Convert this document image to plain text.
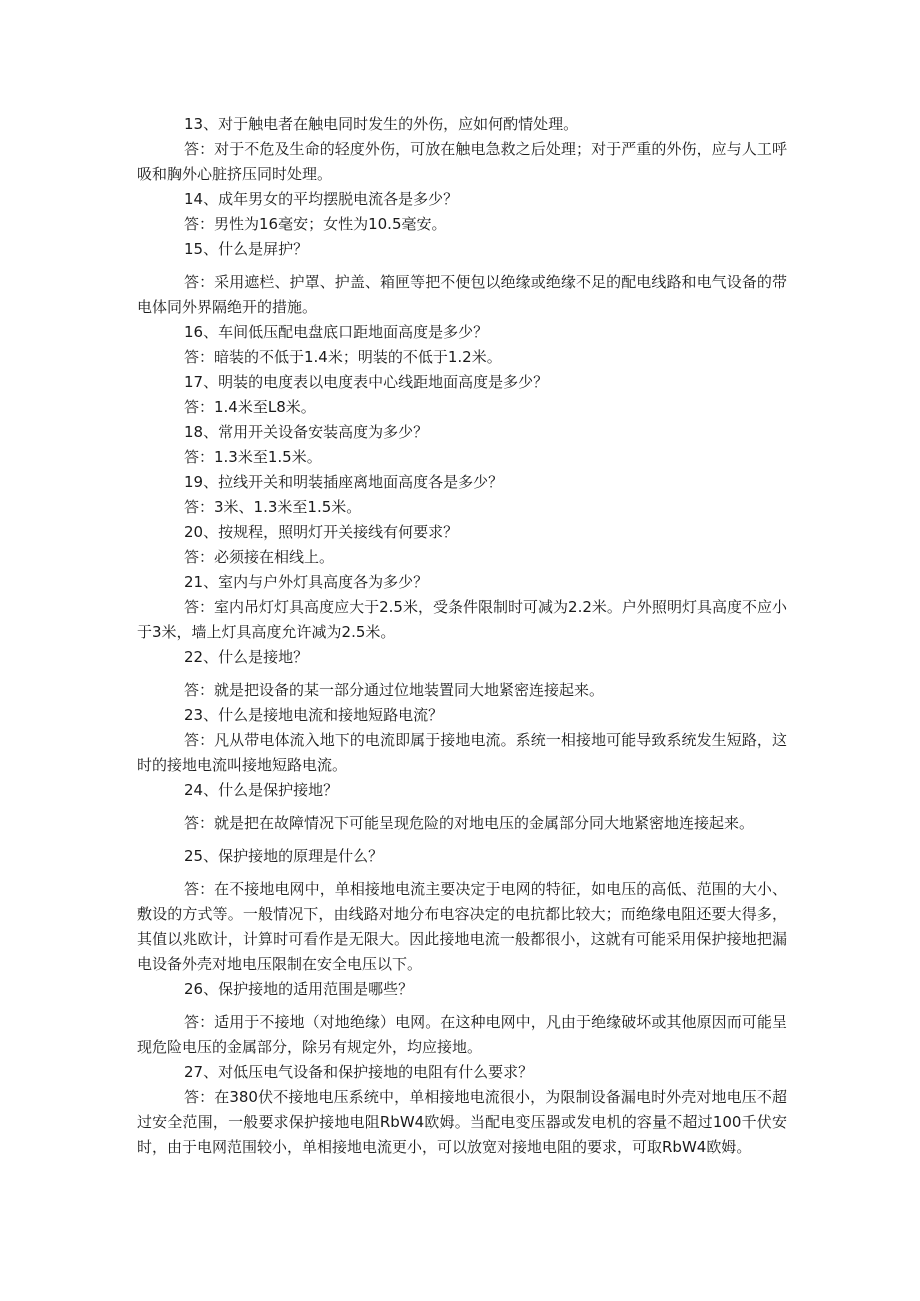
13、对于触电者在触电同时发生的外伤，应如何酌情处理。

答：对于不危及生命的轻度外伤，可放在触电急救之后处理；对于严重的外伤，应与人工呼吸和胸外心脏挤压同时处理。

14、成年男女的平均摆脱电流各是多少？

答：男性为16毫安；女性为10.5毫安。

15、什么是屏护？

答：采用遮栏、护罩、护盖、箱匣等把不便包以绝缘或绝缘不足的配电线路和电气设备的带电体同外界隔绝开的措施。

16、车间低压配电盘底口距地面高度是多少？

答：暗装的不低于1.4米；明装的不低于1.2米。

17、明装的电度表以电度表中心线距地面高度是多少？

答：1.4米至L8米。

18、常用开关设备安装高度为多少？

答：1.3米至1.5米。

19、拉线开关和明装插座离地面高度各是多少？

答：3米、1.3米至1.5米。

20、按规程，照明灯开关接线有何要求？

答：必须接在相线上。

21、室内与户外灯具高度各为多少？

答：室内吊灯灯具高度应大于2.5米，受条件限制时可减为2.2米。户外照明灯具高度不应小于3米，墙上灯具高度允许减为2.5米。

22、什么是接地？

答：就是把设备的某一部分通过位地装置同大地紧密连接起来。

23、什么是接地电流和接地短路电流？

答：凡从带电体流入地下的电流即属于接地电流。系统一相接地可能导致系统发生短路，这时的接地电流叫接地短路电流。

24、什么是保护接地？

答：就是把在故障情况下可能呈现危险的对地电压的金属部分同大地紧密地连接起来。

25、保护接地的原理是什么？

答：在不接地电网中，单相接地电流主要决定于电网的特征，如电压的高低、范围的大小、敷设的方式等。一般情况下，由线路对地分布电容决定的电抗都比较大；而绝缘电阻还要大得多，其值以兆欧计，计算时可看作是无限大。因此接地电流一般都很小，这就有可能采用保护接地把漏电设备外壳对地电压限制在安全电压以下。

26、保护接地的适用范围是哪些？

答：适用于不接地（对地绝缘）电网。在这种电网中，凡由于绝缘破坏或其他原因而可能呈现危险电压的金属部分，除另有规定外，均应接地。

27、对低压电气设备和保护接地的电阻有什么要求？

答：在380伏不接地电压系统中，单相接地电流很小，为限制设备漏电时外壳对地电压不超过安全范围，一般要求保护接地电阻RbW4欧姆。当配电变压器或发电机的容量不超过100千伏安时，由于电网范围较小，单相接地电流更小，可以放宽对接地电阻的要求，可取RbW4欧姆。
